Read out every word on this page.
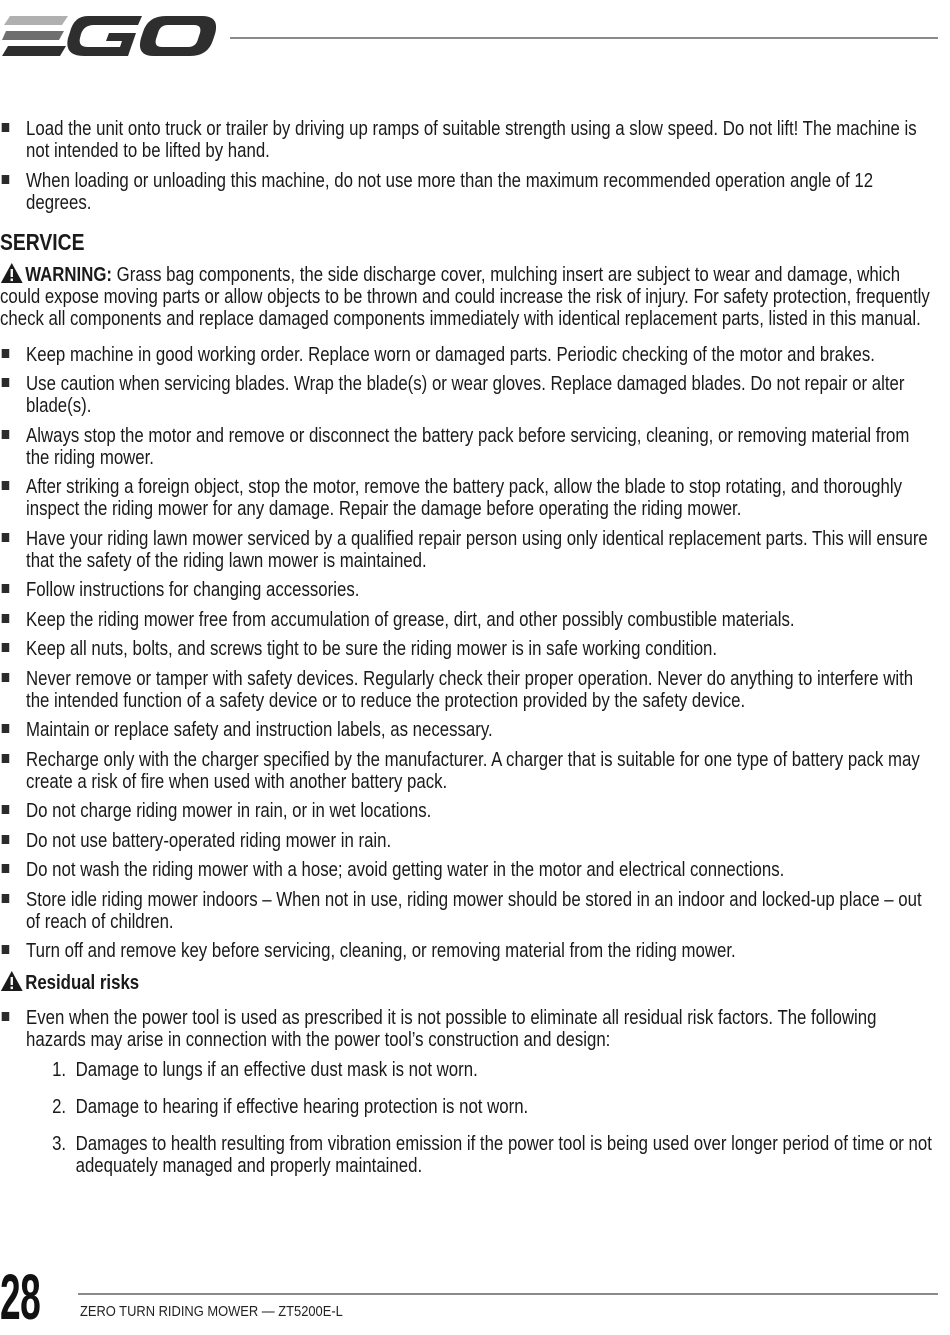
Load the unit onto truck or trailer by driving up ramps of suitable strength using a slow speed. Do not lift! The machine is not intended to be lifted by hand.
When loading or unloading this machine, do not use more than the maximum recommended operation angle of 12 degrees.
SERVICE

WARNING: Grass bag components, the side discharge cover, mulching insert are subject to wear and damage, which could expose moving parts or allow objects to be thrown and could increase the risk of injury. For safety protection, frequently check all components and replace damaged components immediately with identical replacement parts, listed in this manual.

Keep machine in good working order. Replace worn or damaged parts. Periodic checking of the motor and brakes.
Use caution when servicing blades. Wrap the blade(s) or wear gloves. Replace damaged blades. Do not repair or alter blade(s).
Always stop the motor and remove or disconnect the battery pack before servicing, cleaning, or removing material from the riding mower.
After striking a foreign object, stop the motor, remove the battery pack, allow the blade to stop rotating, and thoroughly inspect the riding mower for any damage. Repair the damage before operating the riding mower.
Have your riding lawn mower serviced by a qualified repair person using only identical replacement parts. This will ensure that the safety of the riding lawn mower is maintained.
Follow instructions for changing accessories.
Keep the riding mower free from accumulation of grease, dirt, and other possibly combustible materials.
Keep all nuts, bolts, and screws tight to be sure the riding mower is in safe working condition.
Never remove or tamper with safety devices. Regularly check their proper operation. Never do anything to interfere with the intended function of a safety device or to reduce the protection provided by the safety device.
Maintain or replace safety and instruction labels, as necessary.
Recharge only with the charger specified by the manufacturer. A charger that is suitable for one type of battery pack may create a risk of fire when used with another battery pack.
Do not charge riding mower in rain, or in wet locations.
Do not use battery-operated riding mower in rain.
Do not wash the riding mower with a hose; avoid getting water in the motor and electrical connections.
Store idle riding mower indoors – When not in use, riding mower should be stored in an indoor and locked-up place – out of reach of children.
Turn off and remove key before servicing, cleaning, or removing material from the riding mower.
Residual risks
Even when the power tool is used as prescribed it is not possible to eliminate all residual risk factors. The following hazards may arise in connection with the power tool’s construction and design:
1. Damage to lungs if an effective dust mask is not worn.
2. Damage to hearing if effective hearing protection is not worn.
3. Damages to health resulting from vibration emission if the power tool is being used over longer period of time or not adequately managed and properly maintained.
28	ZERO TURN RIDING MOWER — ZT5200E-L
